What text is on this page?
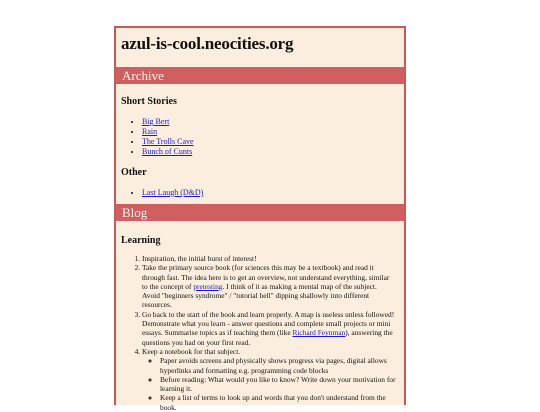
azul-is-cool.neocities.org
Archive
Short Stories
• Big Bert
• Rain
• The Trolls Cave
• Bunch of Cunts
Other
• Last Laugh (D&D)
Blog
Learning
1. Inspiration, the initial burst of interest!
2. Take the primary source book (for sciences this may be a textbook) and read it through fast. The idea here is to get an overview, not understand everything, similar to the concept of pretesting. I think of it as making a mental map of the subject. Avoid "beginners syndrome" / "tutorial hell" dipping shallowly into different resources.
3. Go back to the start of the book and learn properly. A map is useless unless followed! Demonstrate what you learn - answer questions and complete small projects or mini essays. Summarise topics as if teaching them (like Richard Feynman), answering the questions you had on your first read.
4. Keep a notebook for that subject.
◦ Paper avoids screens and physically shows progress via pages, digital allows hyperlinks and formatting e.g. programming code blocks
◦ Before reading: What would you like to know? Write down your motivation for learning it.
◦ Keep a list of terms to look up and words that you don't understand from the book.
